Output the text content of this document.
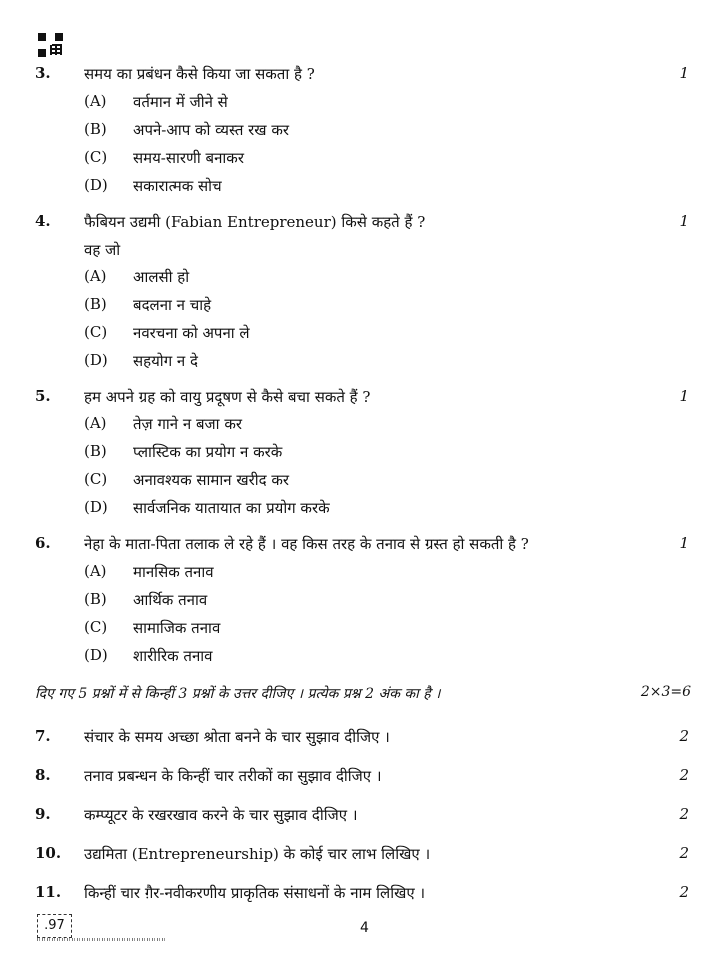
3. समय का प्रबंधन कैसे किया जा सकता है ?	1
(A) वर्तमान में जीने से
(B) अपने-आप को व्यस्त रख कर
(C) समय-सारणी बनाकर
(D) सकारात्मक सोच
4. फैबियन उद्यमी (Fabian Entrepreneur) किसे कहते हैं ?	1
वह जो
(A) आलसी हो
(B) बदलना न चाहे
(C) नवरचना को अपना ले
(D) सहयोग न दे
5. हम अपने ग्रह को वायु प्रदूषण से कैसे बचा सकते हैं ?	1
(A) तेज़ गाने न बजा कर
(B) प्लास्टिक का प्रयोग न करके
(C) अनावश्यक सामान खरीद कर
(D) सार्वजनिक यातायात का प्रयोग करके
6. नेहा के माता-पिता तलाक ले रहे हैं । वह किस तरह के तनाव से ग्रस्त हो सकती है ?	1
(A) मानसिक तनाव
(B) आर्थिक तनाव
(C) सामाजिक तनाव
(D) शारीरिक तनाव
दिए गए 5 प्रश्नों में से किन्हीं 3 प्रश्नों के उत्तर दीजिए । प्रत्येक प्रश्न 2 अंक का है ।	2×3=6
7. संचार के समय अच्छा श्रोता बनने के चार सुझाव दीजिए ।	2
8. तनाव प्रबन्धन के किन्हीं चार तरीकों का सुझाव दीजिए ।	2
9. कम्प्यूटर के रखरखाव करने के चार सुझाव दीजिए ।	2
10. उद्यमिता (Entrepreneurship) के कोई चार लाभ लिखिए ।	2
11. किन्हीं चार ग़ैर-नवीकरणीय प्राकृतिक संसाधनों के नाम लिखिए ।	2
.97	4
